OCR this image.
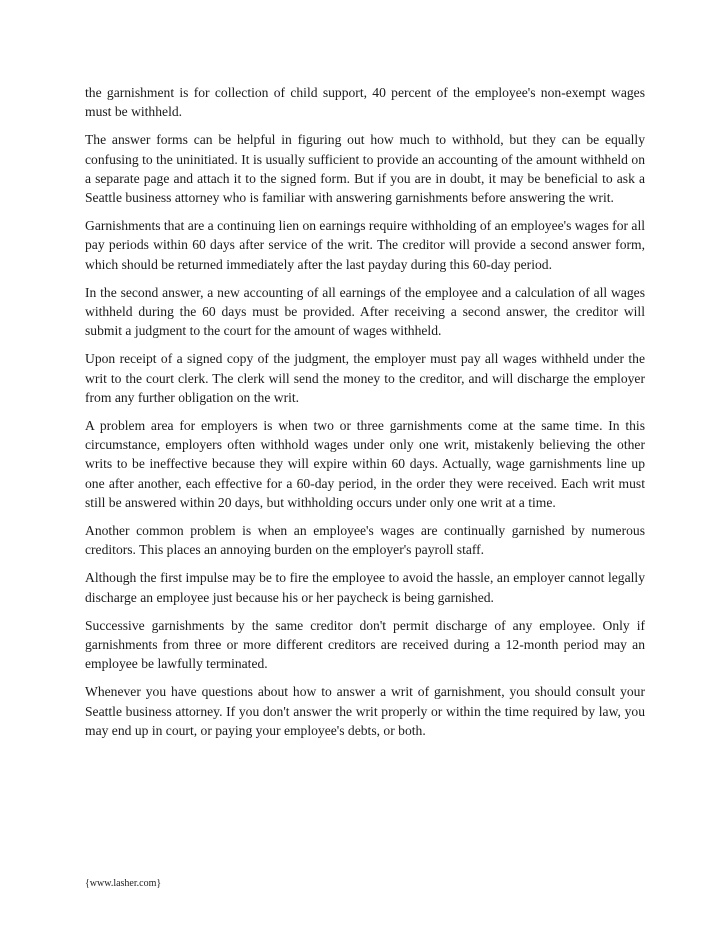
the garnishment is for collection of child support, 40 percent of the employee's non-exempt wages must be withheld.

The answer forms can be helpful in figuring out how much to withhold, but they can be equally confusing to the uninitiated. It is usually sufficient to provide an accounting of the amount withheld on a separate page and attach it to the signed form. But if you are in doubt, it may be beneficial to ask a Seattle business attorney who is familiar with answering garnishments before answering the writ.

Garnishments that are a continuing lien on earnings require withholding of an employee's wages for all pay periods within 60 days after service of the writ. The creditor will provide a second answer form, which should be returned immediately after the last payday during this 60-day period.

In the second answer, a new accounting of all earnings of the employee and a calculation of all wages withheld during the 60 days must be provided. After receiving a second answer, the creditor will submit a judgment to the court for the amount of wages withheld.

Upon receipt of a signed copy of the judgment, the employer must pay all wages withheld under the writ to the court clerk. The clerk will send the money to the creditor, and will discharge the employer from any further obligation on the writ.

A problem area for employers is when two or three garnishments come at the same time. In this circumstance, employers often withhold wages under only one writ, mistakenly believing the other writs to be ineffective because they will expire within 60 days. Actually, wage garnishments line up one after another, each effective for a 60-day period, in the order they were received. Each writ must still be answered within 20 days, but withholding occurs under only one writ at a time.

Another common problem is when an employee's wages are continually garnished by numerous creditors. This places an annoying burden on the employer's payroll staff.

Although the first impulse may be to fire the employee to avoid the hassle, an employer cannot legally discharge an employee just because his or her paycheck is being garnished.

Successive garnishments by the same creditor don't permit discharge of any employee. Only if garnishments from three or more different creditors are received during a 12-month period may an employee be lawfully terminated.

Whenever you have questions about how to answer a writ of garnishment, you should consult your Seattle business attorney. If you don't answer the writ properly or within the time required by law, you may end up in court, or paying your employee's debts, or both.

{www.lasher.com}
